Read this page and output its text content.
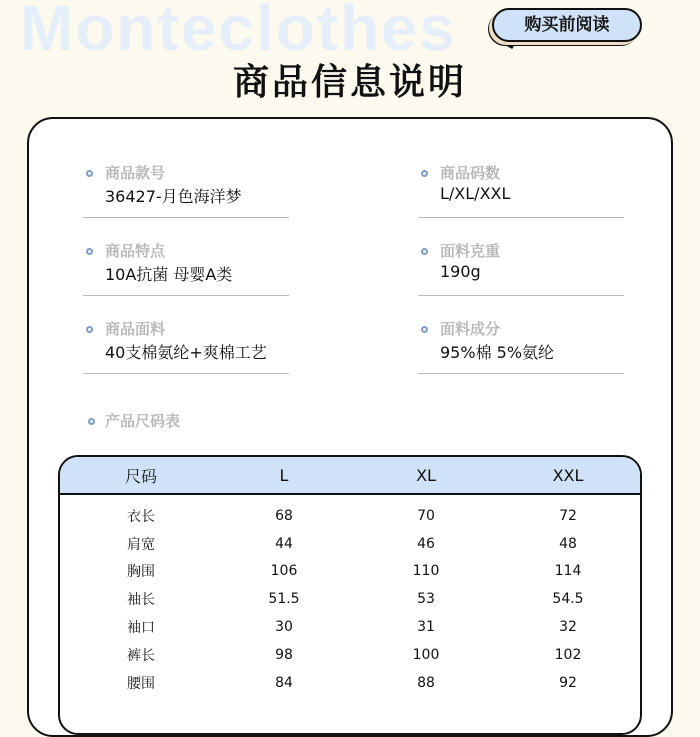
Monteclothes	购买前阅读
商品信息说明
商品款号
36427-月色海洋梦
商品码数
L/XL/XXL
商品特点
10A抗菌 母婴A类
面料克重
190g
商品面料
40支棉氨纶+爽棉工艺
面料成分
95%棉 5%氨纶
产品尺码表
尺码	L	XL	XXL
衣长	68	70	72
肩宽	44	46	48
胸围	106	110	114
袖长	51.5	53	54.5
袖口	30	31	32
裤长	98	100	102
腰围	84	88	92
